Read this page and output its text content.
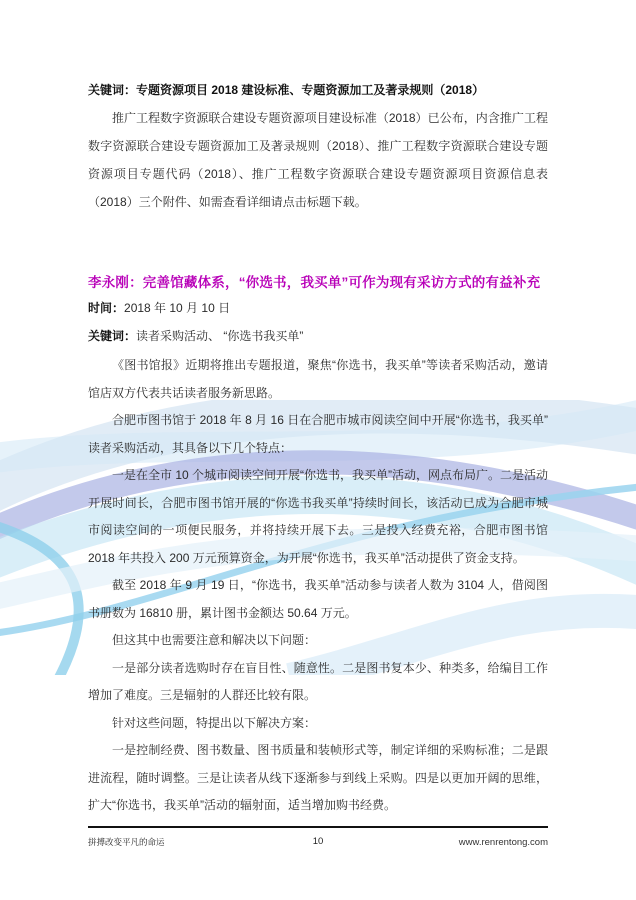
关键词：专题资源项目 2018 建设标准、专题资源加工及著录规则（2018）
推广工程数字资源联合建设专题资源项目建设标准（2018）已公布，内含推广工程数字资源联合建设专题资源加工及著录规则（2018）、推广工程数字资源联合建设专题资源项目专题代码（2018）、推广工程数字资源联合建设专题资源项目资源信息表（2018）三个附件、如需查看详细请点击标题下载。
李永刚：完善馆藏体系，“你选书，我买单”可作为现有采访方式的有益补充
时间：2018 年 10 月 10 日
关键词：读者采购活动、 “你选书我买单”

《图书馆报》近期将推出专题报道，聚焦“你选书，我买单”等读者采购活动，邀请馆店双方代表共话读者服务新思路。

合肥市图书馆于 2018 年 8 月 16 日在合肥市城市阅读空间中开展“你选书，我买单”读者采购活动，其具备以下几个特点：

一是在全市 10 个城市阅读空间开展“你选书，我买单”活动，网点布局广。二是活动开展时间长，合肥市图书馆开展的“你选书我买单”持续时间长，该活动已成为合肥市城市阅读空间的一项便民服务，并将持续开展下去。三是投入经费充裕，合肥市图书馆 2018 年共投入 200 万元预算资金，为开展“你选书，我买单”活动提供了资金支持。

截至 2018 年 9 月 19 日，“你选书，我买单”活动参与读者人数为 3104 人，借阅图书册数为 16810 册，累计图书金额达 50.64 万元。

但这其中也需要注意和解决以下问题：

一是部分读者选购时存在盲目性、随意性。二是图书复本少、种类多，给编目工作增加了难度。三是辐射的人群还比较有限。

针对这些问题，特提出以下解决方案：

一是控制经费、图书数量、图书质量和装帧形式等，制定详细的采购标准；二是跟进流程，随时调整。三是让读者从线下逐渐参与到线上采购。四是以更加开阔的思维，扩大“你选书，我买单”活动的辐射面，适当增加购书经费。

拼搏改变平凡的命运	10	www.renrentong.com
